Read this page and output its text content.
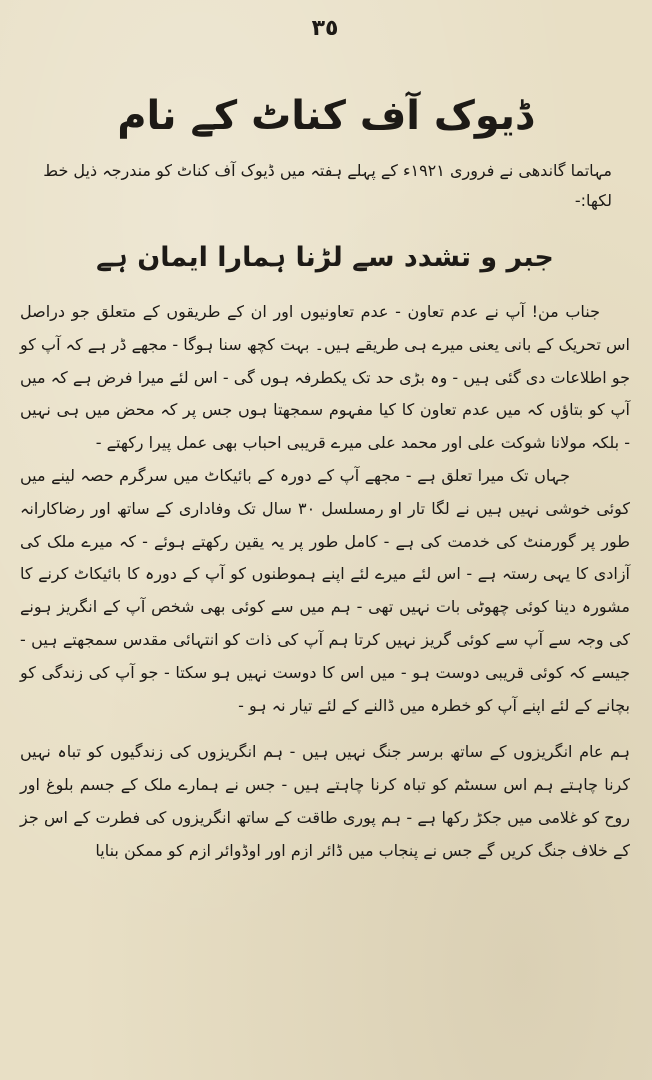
٣٥
ڈیوک آف کناٹ کے نام
مہاتما گاندھی نے فروری ١٩٢١ء کے پہلے ہفتہ میں ڈیوک آف کناٹ کو مندرجہ ذیل خط لکھا:-
جبر و تشدد سے لڑنا ہمارا ایمان ہے

جناب من! آپ نے عدم تعاون - عدم تعاونیوں اور ان کے طریقوں کے متعلق جو دراصل اس تحریک کے بانی یعنی میرے ہی طریقے ہیں۔ بہت کچھ سنا ہوگا - مجھے ڈر ہے کہ آپ کو جو اطلاعات دی گئی ہیں - وہ بڑی حد تک یکطرفہ ہوں گی - اس لئے میرا فرض ہے کہ میں آپ کو بتاؤں کہ میں عدم تعاون کا کیا مفہوم سمجھتا ہوں جس پر کہ محض میں ہی نہیں - بلکہ مولانا شوکت علی اور محمد علی میرے قریبی احباب بھی عمل پیرا رکھتے -

جہاں تک میرا تعلق ہے - مجھے آپ کے دورہ کے بائیکاٹ میں سرگرم حصہ لینے میں کوئی خوشی نہیں ہیں نے لگا تار او رمسلسل ۳۰ سال تک وفاداری کے ساتھ اور رضاکارانہ طور پر گورمنٹ کی خدمت کی ہے - کامل طور پر یہ یقین رکھتے ہوئے - کہ میرے ملک کی آزادی کا یہی رستہ ہے - اس لئے میرے لئے اپنے ہموطنوں کو آپ کے دورہ کا بائیکاٹ کرنے کا مشورہ دینا کوئی چھوٹی بات نہیں تھی - ہم میں سے کوئی بھی شخص آپ کے انگریز ہونے کی وجہ سے آپ سے کوئی گریز نہیں کرتا ہم آپ کی ذات کو انتہائی مقدس سمجھتے ہیں - جیسے کہ کوئی قریبی دوست ہو - میں اس کا دوست نہیں ہو سکتا - جو آپ کی زندگی کو بچانے کے لئے اپنے آپ کو خطرہ میں ڈالنے کے لئے تیار نہ ہو -

ہم عام انگریزوں کے ساتھ برسر جنگ نہیں ہیں - ہم انگریزوں کی زندگیوں کو تباہ نہیں کرنا چاہتے ہم اس سسٹم کو تباہ کرنا چاہتے ہیں - جس نے ہمارے ملک کے جسم بلوغ اور روح کو غلامی میں جکڑ رکھا ہے - ہم پوری طاقت کے ساتھ انگریزوں کی فطرت کے اس جز کے خلاف جنگ کریں گے جس نے پنجاب میں ڈائر ازم اور اوڈوائر ازم کو ممکن بنایا
